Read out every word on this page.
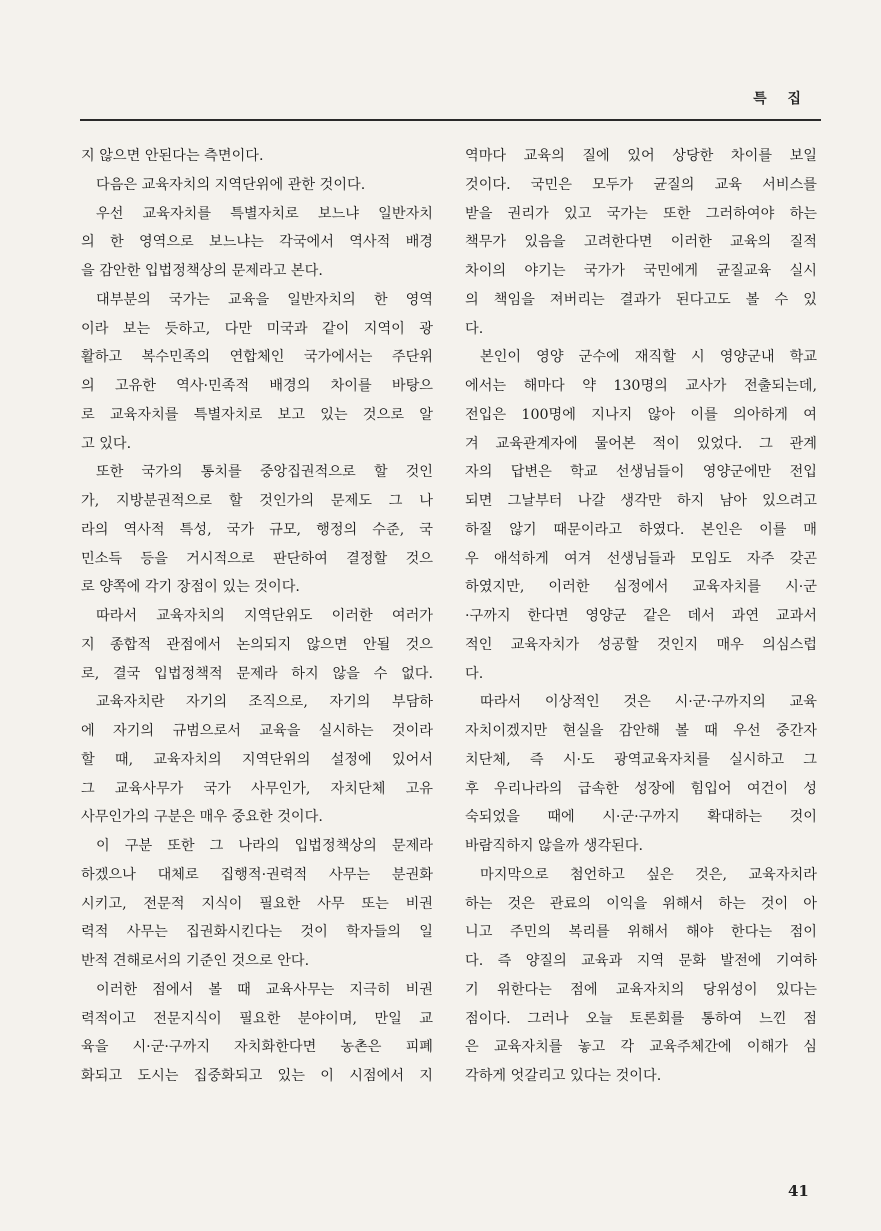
특 집
지 않으면 안된다는 측면이다.
다음은 교육자치의 지역단위에 관한 것이다.
우선 교육자치를 특별자치로 보느냐 일반자치
의 한 영역으로 보느냐는 각국에서 역사적 배경
을 감안한 입법정책상의 문제라고 본다.
대부분의 국가는 교육을 일반자치의 한 영역
이라 보는 듯하고, 다만 미국과 같이 지역이 광
활하고 복수민족의 연합체인 국가에서는 주단위
의 고유한 역사·민족적 배경의 차이를 바탕으
로 교육자치를 특별자치로 보고 있는 것으로 알
고 있다.
또한 국가의 통치를 중앙집권적으로 할 것인
가, 지방분권적으로 할 것인가의 문제도 그 나
라의 역사적 특성, 국가 규모, 행정의 수준, 국
민소득 등을 거시적으로 판단하여 결정할 것으
로 양쪽에 각기 장점이 있는 것이다.
따라서 교육자치의 지역단위도 이러한 여러가
지 종합적 관점에서 논의되지 않으면 안될 것으
로, 결국 입법정책적 문제라 하지 않을 수 없다.
교육자치란 자기의 조직으로, 자기의 부담하
에 자기의 규범으로서 교육을 실시하는 것이라
할 때, 교육자치의 지역단위의 설정에 있어서
그 교육사무가 국가 사무인가, 자치단체 고유
사무인가의 구분은 매우 중요한 것이다.
이 구분 또한 그 나라의 입법정책상의 문제라
하겠으나 대체로 집행적·권력적 사무는 분권화
시키고, 전문적 지식이 필요한 사무 또는 비권
력적 사무는 집권화시킨다는 것이 학자들의 일
반적 견해로서의 기준인 것으로 안다.
이러한 점에서 볼 때 교육사무는 지극히 비권
력적이고 전문지식이 필요한 분야이며, 만일 교
육을 시·군·구까지 자치화한다면 농촌은 피폐
화되고 도시는 집중화되고 있는 이 시점에서 지
역마다 교육의 질에 있어 상당한 차이를 보일
것이다. 국민은 모두가 균질의 교육 서비스를
받을 권리가 있고 국가는 또한 그러하여야 하는
책무가 있음을 고려한다면 이러한 교육의 질적
차이의 야기는 국가가 국민에게 균질교육 실시
의 책임을 져버리는 결과가 된다고도 볼 수 있
다.
본인이 영양 군수에 재직할 시 영양군내 학교
에서는 해마다 약 130명의 교사가 전출되는데,
전입은 100명에 지나지 않아 이를 의아하게 여
겨 교육관계자에 물어본 적이 있었다. 그 관계
자의 답변은 학교 선생님들이 영양군에만 전입
되면 그날부터 나갈 생각만 하지 남아 있으려고
하질 않기 때문이라고 하였다. 본인은 이를 매
우 애석하게 여겨 선생님들과 모임도 자주 갖곤
하였지만, 이러한 심정에서 교육자치를 시·군
·구까지 한다면 영양군 같은 데서 과연 교과서
적인 교육자치가 성공할 것인지 매우 의심스럽
다.
따라서 이상적인 것은 시·군·구까지의 교육
자치이겠지만 현실을 감안해 볼 때 우선 중간자
치단체, 즉 시·도 광역교육자치를 실시하고 그
후 우리나라의 급속한 성장에 힘입어 여건이 성
숙되었을 때에 시·군·구까지 확대하는 것이
바람직하지 않을까 생각된다.
마지막으로 첨언하고 싶은 것은, 교육자치라
하는 것은 관료의 이익을 위해서 하는 것이 아
니고 주민의 복리를 위해서 해야 한다는 점이
다. 즉 양질의 교육과 지역 문화 발전에 기여하
기 위한다는 점에 교육자치의 당위성이 있다는
점이다. 그러나 오늘 토론회를 통하여 느낀 점
은 교육자치를 놓고 각 교육주체간에 이해가 심
각하게 엇갈리고 있다는 것이다.
41
